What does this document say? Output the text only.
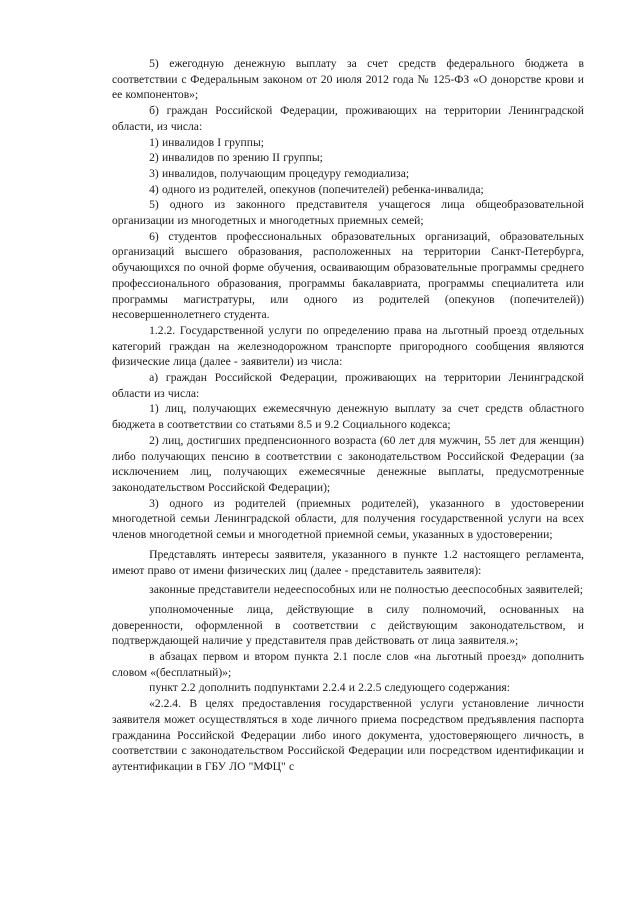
5) ежегодную денежную выплату за счет средств федерального бюджета в соответствии с Федеральным законом от 20 июля 2012 года № 125-ФЗ «О донорстве крови и ее компонентов»;

б) граждан Российской Федерации, проживающих на территории Ленинградской области, из числа:

1) инвалидов I группы;

2) инвалидов по зрению II группы;

3) инвалидов, получающим процедуру гемодиализа;

4) одного из родителей, опекунов (попечителей) ребенка-инвалида;

5) одного из законного представителя учащегося лица общеобразовательной организации из многодетных и многодетных приемных семей;

6) студентов профессиональных образовательных организаций, образовательных организаций высшего образования, расположенных на территории Санкт-Петербурга, обучающихся по очной форме обучения, осваивающим образовательные программы среднего профессионального образования, программы бакалавриата, программы специалитета или программы магистратуры, или одного из родителей (опекунов (попечителей)) несовершеннолетнего студента.

1.2.2. Государственной услуги по определению права на льготный проезд отдельных категорий граждан на железнодорожном транспорте пригородного сообщения являются физические лица (далее - заявители) из числа:

а) граждан Российской Федерации, проживающих на территории Ленинградской области из числа:

1) лиц, получающих ежемесячную денежную выплату за счет средств областного бюджета в соответствии со статьями 8.5 и 9.2 Социального кодекса;

2) лиц, достигших предпенсионного возраста (60 лет для мужчин, 55 лет для женщин) либо получающих пенсию в соответствии с законодательством Российской Федерации (за исключением лиц, получающих ежемесячные денежные выплаты, предусмотренные законодательством Российской Федерации);

3) одного из родителей (приемных родителей), указанного в удостоверении многодетной семьи Ленинградской области, для получения государственной услуги на всех членов многодетной семьи и многодетной приемной семьи, указанных в удостоверении;

Представлять интересы заявителя, указанного в пункте 1.2 настоящего регламента, имеют право от имени физических лиц (далее - представитель заявителя):

законные представители недееспособных или не полностью дееспособных заявителей;

уполномоченные лица, действующие в силу полномочий, основанных на доверенности, оформленной в соответствии с действующим законодательством, и подтверждающей наличие у представителя прав действовать от лица заявителя.»;

в абзацах первом и втором пункта 2.1 после слов «на льготный проезд» дополнить словом «(бесплатный)»;

пункт 2.2 дополнить подпунктами 2.2.4 и 2.2.5 следующего содержания:

«2.2.4. В целях предоставления государственной услуги установление личности заявителя может осуществляться в ходе личного приема посредством предъявления паспорта гражданина Российской Федерации либо иного документа, удостоверяющего личность, в соответствии с законодательством Российской Федерации или посредством идентификации и аутентификации в ГБУ ЛО "МФЦ" с
